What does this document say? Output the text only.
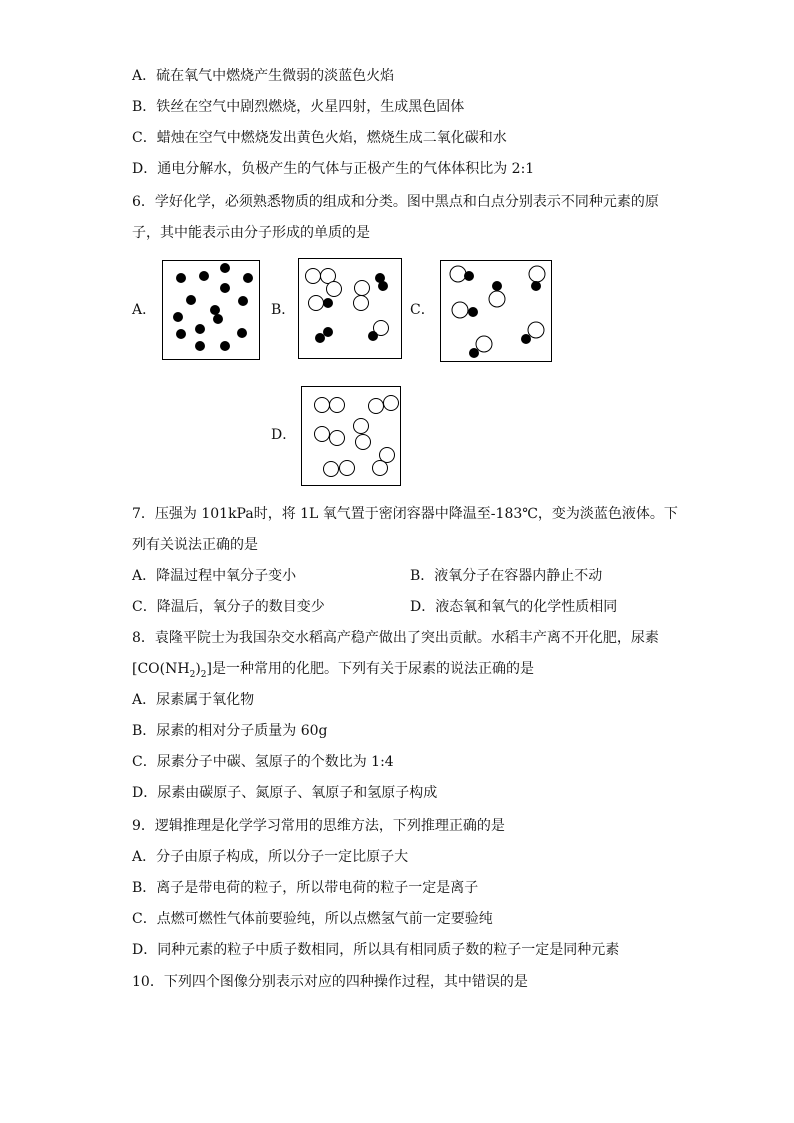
A．硫在氧气中燃烧产生微弱的淡蓝色火焰
B．铁丝在空气中剧烈燃烧，火星四射，生成黑色固体
C．蜡烛在空气中燃烧发出黄色火焰，燃烧生成二氧化碳和水
D．通电分解水，负极产生的气体与正极产生的气体体积比为 2:1
6．学好化学，必须熟悉物质的组成和分类。图中黑点和白点分别表示不同种元素的原
子，其中能表示由分子形成的单质的是
A．	B．	C．
D．
7．压强为 101kPa时，将 1L 氧气置于密闭容器中降温至-183℃，变为淡蓝色液体。下
列有关说法正确的是
A．降温过程中氧分子变小	B．液氧分子在容器内静止不动
C．降温后，氧分子的数目变少	D．液态氧和氧气的化学性质相同
8．袁隆平院士为我国杂交水稻高产稳产做出了突出贡献。水稻丰产离不开化肥，尿素
$[CO(NH_2)_2]$是一种常用的化肥。下列有关于尿素的说法正确的是
A．尿素属于氧化物
B．尿素的相对分子质量为 60g
C．尿素分子中碳、氢原子的个数比为 1:4
D．尿素由碳原子、氮原子、氧原子和氢原子构成
9．逻辑推理是化学学习常用的思维方法，下列推理正确的是
A．分子由原子构成，所以分子一定比原子大
B．离子是带电荷的粒子，所以带电荷的粒子一定是离子
C．点燃可燃性气体前要验纯，所以点燃氢气前一定要验纯
D．同种元素的粒子中质子数相同，所以具有相同质子数的粒子一定是同种元素
10．下列四个图像分别表示对应的四种操作过程，其中错误的是
